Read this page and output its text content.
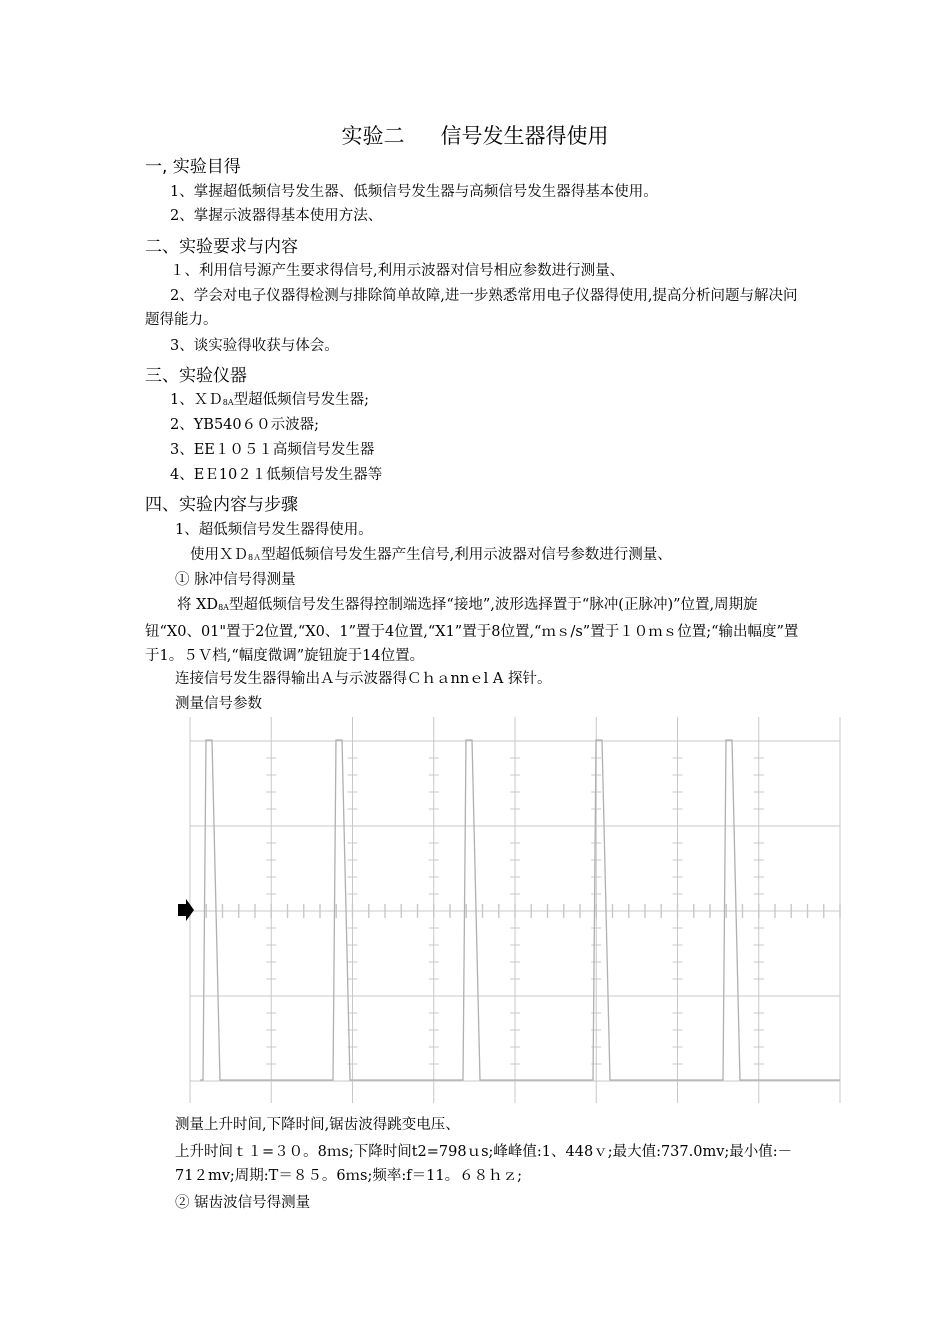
实验二 信号发生器得使用
一, 实验目得
1、掌握超低频信号发生器、低频信号发生器与高频信号发生器得基本使用。
2、掌握示波器得基本使用方法、
二、实验要求与内容
１、利用信号源产生要求得信号,利用示波器对信号相应参数进行测量、
2、学会对电子仪器得检测与排除简单故障,进一步熟悉常用电子仪器得使用,提高分析问题与解决问题得能力。
3、谈实验得收获与体会。
三、实验仪器
1、ＸＤ$_{8A}$型超低频信号发生器;
2、YB540６０示波器;
3、EE１０５１高频信号发生器
4、EＥ10２１低频信号发生器等
四、实验内容与步骤
1、超低频信号发生器得使用。
使用ＸＤ$_{8A}$型超低频信号发生器产生信号,利用示波器对信号参数进行测量、
① 脉冲信号得测量
将 $XD_{8A}$型超低频信号发生器得控制端选择“接地”,波形选择置于“脉冲(正脉冲)”位置,周期旋钮“X0、01"置于2位置,“X0、1”置于4位置,“X1”置于8位置,“ｍｓ/s”置于１０ｍｓ位置;“输出幅度”置于1。５Ｖ档,“幅度微调”旋钮旋于14位置。
连接信号发生器得输出Ａ与示波器得Ｃｈａnnｅl A 探针。
测量信号参数
测量上升时间,下降时间,锯齿波得跳变电压、
上升时间ｔ１=３０。8ｍs;下降时间t2=798ｕs;峰峰值:1、448ｖ;最大值:737.0mv;最小值:－71２mv;周期:T＝８５。6ｍs;频率:f＝11。６８ｈｚ;
② 锯齿波信号得测量
